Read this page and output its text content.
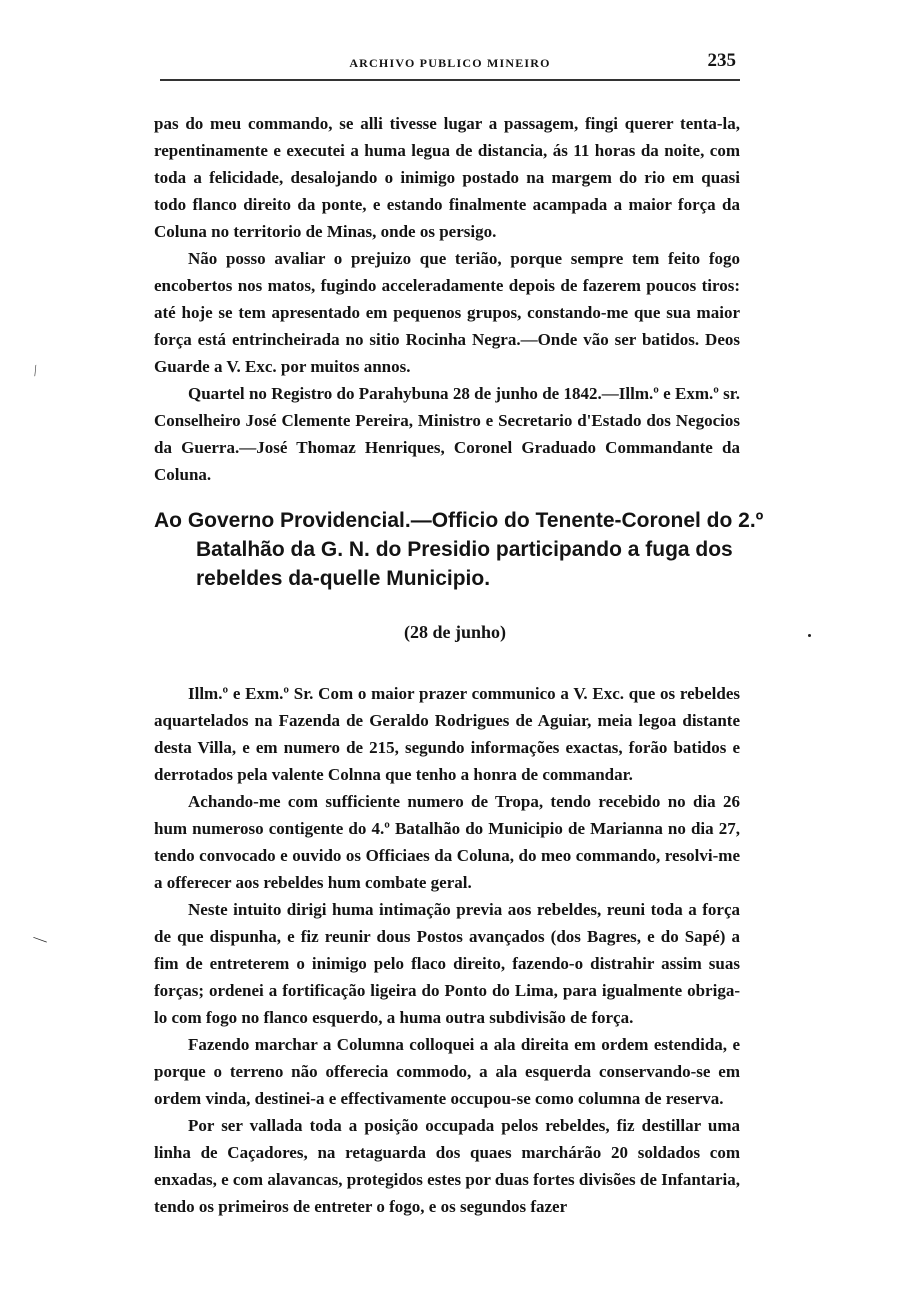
ARCHIVO PUBLICO MINEIRO	235

pas do meu commando, se alli tivesse lugar a passagem, fingi querer tenta-la, repentinamente e executei a huma legua de distancia, ás 11 horas da noite, com toda a felicidade, desalojando o inimigo postado na margem do rio em quasi todo flanco direito da ponte, e estando finalmente acampada a maior força da Coluna no territorio de Minas, onde os persigo.

Não posso avaliar o prejuizo que terião, porque sempre tem feito fogo encobertos nos matos, fugindo acceleradamente depois de fazerem poucos tiros: até hoje se tem apresentado em pequenos grupos, constando-me que sua maior força está entrincheirada no sitio Rocinha Negra.—Onde vão ser batidos. Deos Guarde a V. Exc. por muitos annos.

Quartel no Registro do Parahybuna 28 de junho de 1842.—Illm.º e Exm.º sr. Conselheiro José Clemente Pereira, Ministro e Secretario d'Estado dos Negocios da Guerra.—José Thomaz Henriques, Coronel Graduado Commandante da Coluna.

Ao Governo Providencial.—Officio do Tenente-Coronel do 2.º Batalhão da G. N. do Presidio participando a fuga dos rebeldes da-quelle Municipio.
(28 de junho)

Illm.º e Exm.º Sr. Com o maior prazer communico a V. Exc. que os rebeldes aquartelados na Fazenda de Geraldo Rodrigues de Aguiar, meia legoa distante desta Villa, e em numero de 215, segundo informações exactas, forão batidos e derrotados pela valente Colnna que tenho a honra de commandar.

Achando-me com sufficiente numero de Tropa, tendo recebido no dia 26 hum numeroso contigente do 4.º Batalhão do Municipio de Marianna no dia 27, tendo convocado e ouvido os Officiaes da Coluna, do meo commando, resolvi-me a offerecer aos rebeldes hum combate geral.

Neste intuito dirigi huma intimação previa aos rebeldes, reuni toda a força de que dispunha, e fiz reunir dous Postos avançados (dos Bagres, e do Sapé) a fim de entreterem o inimigo pelo flaco direito, fazendo-o distrahir assim suas forças; ordenei a fortificação ligeira do Ponto do Lima, para igualmente obriga-lo com fogo no flanco esquerdo, a huma outra subdivisão de força.

Fazendo marchar a Columna colloquei a ala direita em ordem estendida, e porque o terreno não offerecia commodo, a ala esquerda conservando-se em ordem vinda, destinei-a e effectivamente occupou-se como columna de reserva.

Por ser vallada toda a posição occupada pelos rebeldes, fiz destillar uma linha de Caçadores, na retaguarda dos quaes marchárão 20 soldados com enxadas, e com alavancas, protegidos estes por duas fortes divisões de Infantaria, tendo os primeiros de entreter o fogo, e os segundos fazer

⁄
—
